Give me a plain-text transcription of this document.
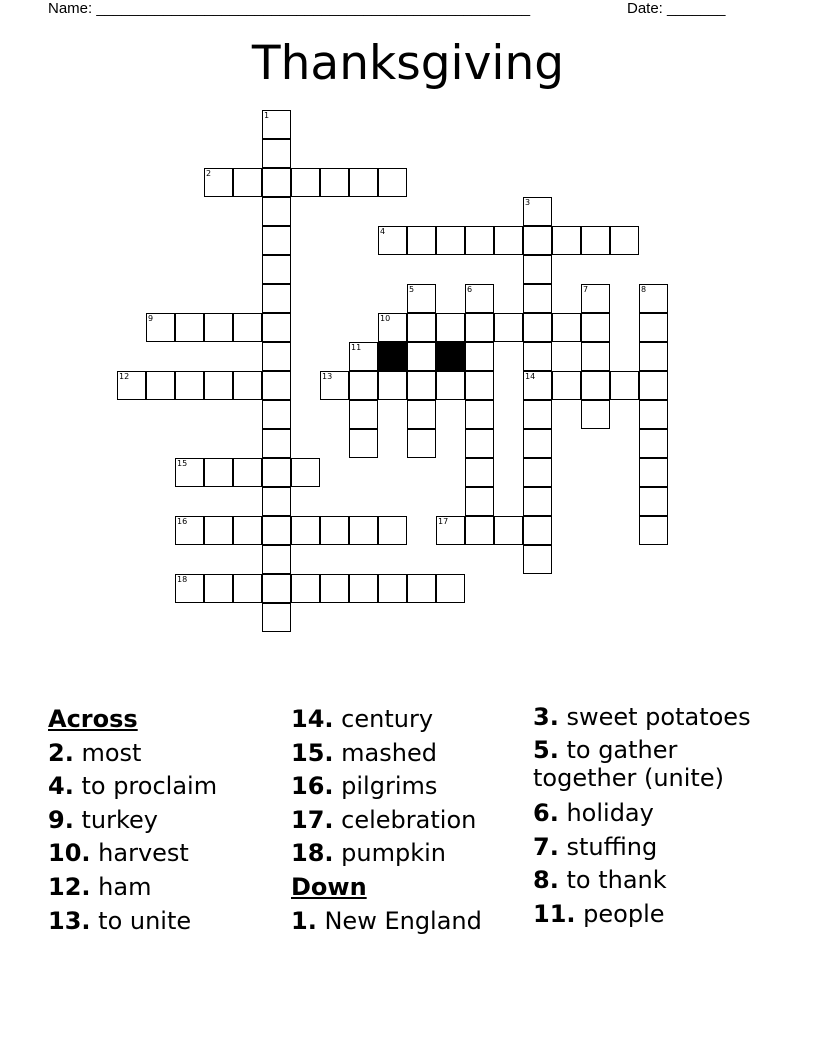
Name: ____________________________________________________	Date: _______
Thanksgiving
1
2
3
4
5	6	7	8
9	10
11
12	13	14
15
16	17
18
Across
2. most
4. to proclaim
9. turkey
10. harvest
12. ham
13. to unite
14. century
15. mashed
16. pilgrims
17. celebration
18. pumpkin
Down
1. New England
3. sweet potatoes
5. to gather together (unite)
6. holiday
7. stuffing
8. to thank
11. people
